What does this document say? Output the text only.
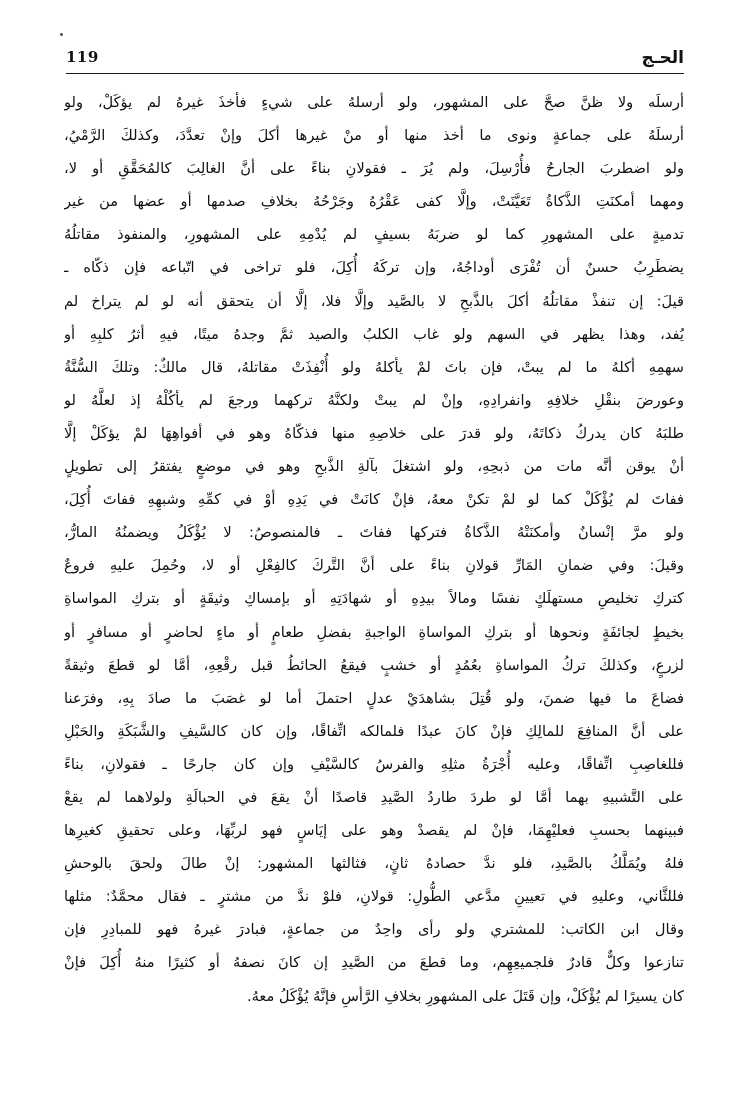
119	الحـج
أرسلَه ولا ظنَّ صحَّ على المشهور، ولو أرسلهُ على شيءٍ فأخذَ غيرهُ لم يؤكَلْ، ولو
أرسلَهُ على جماعةٍ ونوى ما أخذ منها أو منْ غيرها أكلَ وإنْ تعدَّدَ، وكذلكَ الرَّمْيُ،
ولو اضطربَ الجارحُ فأُرْسِلَ، ولم يُرَ ـ فقولانِ بناءً على أنَّ الغالِبَ كالمُحَقَّقِ أو لا،
ومهما أمكنَتِ الذَّكاةُ تَعَيَّنَتْ، وإلَّا كفى عَقْرُهُ وجَرْحُهُ بخلافِ صدمها أو عضها من غير
تدميةٍ على المشهورِ كما لو ضربَهُ بسيفٍ لم يُدْمِهِ على المشهورِ، والمنفوذ مقاتلُهُ
يضطَرِبُ حسنٌ أن تُفْرَى أوداجُهُ، وإن تركَهُ أُكِلَ، فلو تراخى في اتّباعه فإن ذكّاه ـ
قيلَ: إن تنفذْ مقاتلُهُ أكلَ بالذَّبحِ لا بالصَّيد وإلَّا فلا، إلَّا أن يتحقق أنه لو لم يتراخ لم
يُفد، وهذا يظهر في السهم ولو غاب الكلبُ والصيد ثمَّ وجدهُ ميتًا، فيهِ أثرُ كلبِهِ أو
سهمِهِ أكلهُ ما لم يبتْ، فإن باتَ لمْ يأكلهُ ولو أُنْفِذَتْ مقاتلهُ، قال مالكٌ: وتلكَ السُّنَّةُ
وعورضَ بنقْلِ خلافِهِ وانفرادِهِ، وإنْ لم يبتْ ولكنَّهُ تركهما ورجعَ لم يأكُلْهُ إذ لعلَّهُ لو
طلبَهُ كان يدركُ ذكاتَهُ، ولو قدرَ على خلاصِهِ منها فذكّاهُ وهو في أفواهِهَا لمْ يؤكَلْ إلَّا
أنْ يوقن أنَّه مات من ذبحِهِ، ولو اشتغلَ بآلةِ الذَّبحِ وهو في موضعٍ يفتقرُ إلى تطويلٍ
ففاتَ لم يُؤْكَلْ كما لو لمْ تكنْ معهُ، فإنْ كانَتْ في يَدِهِ أوْ في كمِّهِ وشبهِهِ ففاتَ أُكِلَ،
ولو مرَّ إنْسانٌ وأمكنَتْهُ الذَّكاةُ فتركها ففاتَ ـ فالمنصوصُ: لا يُؤْكَلُ ويضمنُهُ المارُّ،
وقيلَ: وفي ضمانِ المَارِّ قولانِ بناءً على أنَّ التَّركَ كالفِعْلِ أو لا، وحُمِلَ عليهِ فروعٌ
كتركِ تخليصِ مستهلَكٍ نفسًا ومالاً بيدِهِ أو شهادَتِهِ أو بإمساكِ وثيقَةٍ أو بتركِ المواساةِ
بخيطٍ لجائفَةٍ ونحوها أو بتركِ المواساةِ الواجبةِ بفضلِ طعامٍ أو ماءٍ لحاضرٍ أو مسافرٍ أو
لزرعٍ، وكذلكَ تركُ المواساةِ بعُمُدٍ أو خشبٍ فيقعُ الحائطُ قبل رقْعِهِ، أمَّا لو قطعَ وثيقةً
فضاعَ ما فيها ضمنَ، ولو قُتِلَ بشاهدَيْ عدلٍ احتملَ أما لو غصَبَ ما صادَ بِهِ، وفرَعنا
على أنَّ المنافِعَ للمالِكِ فإنْ كانَ عبدًا فلمالكه اتِّفاقًا، وإن كان كالسَّيفِ والشَّبَكَةِ والحَبْلِ
فللغاصِبِ اتِّفاقًا، وعليه أُجْرَةُ مثلِهِ والفرسُ كالسَّيْفِ وإن كان جارحًا ـ فقولانِ، بناءً
على التَّشبيهِ بهما أمَّا لو طردَ طاردُ الصَّيدِ قاصدًا أنْ يقعَ في الحبالَةِ ولولاهما لم يقعْ
فبينهما بحسبِ فعليْهِمَا، فإنْ لم يقصدْ وهو على إيَاسٍ فهو لربِّهَا، وعلى تحقيقِ كغيرِها
فلهُ ويُمَلَّكُ بالصَّيدِ، فلو ندَّ حصادهُ ثانٍ، فثالثها المشهور: إنْ طالَ ولحقَ بالوحشِ
فللثَّاني، وعليهِ في تعيينِ مدَّعي الطُّولِ: قولانِ، فلوْ ندَّ من مشترٍ ـ فقال محمَّدٌ: مثلها
وقال ابن الكاتب: للمشتري ولو رأى واحِدٌ من جماعةٍ، فبادرَ غيرهُ فهو للمبادِرِ فإن
تنازعوا وكلٌّ قادرٌ فلجميعِهِم، وما قطعَ من الصَّيدِ إن كانَ نصفهُ أو كثيرًا منهُ أُكِلَ فإنْ
كان يسيرًا لم يُؤْكَلْ، وإن قَتَلَ على المشهورِ بخلافِ الرَّأسِ فإنَّهُ يُؤْكَلُ معهُ.
